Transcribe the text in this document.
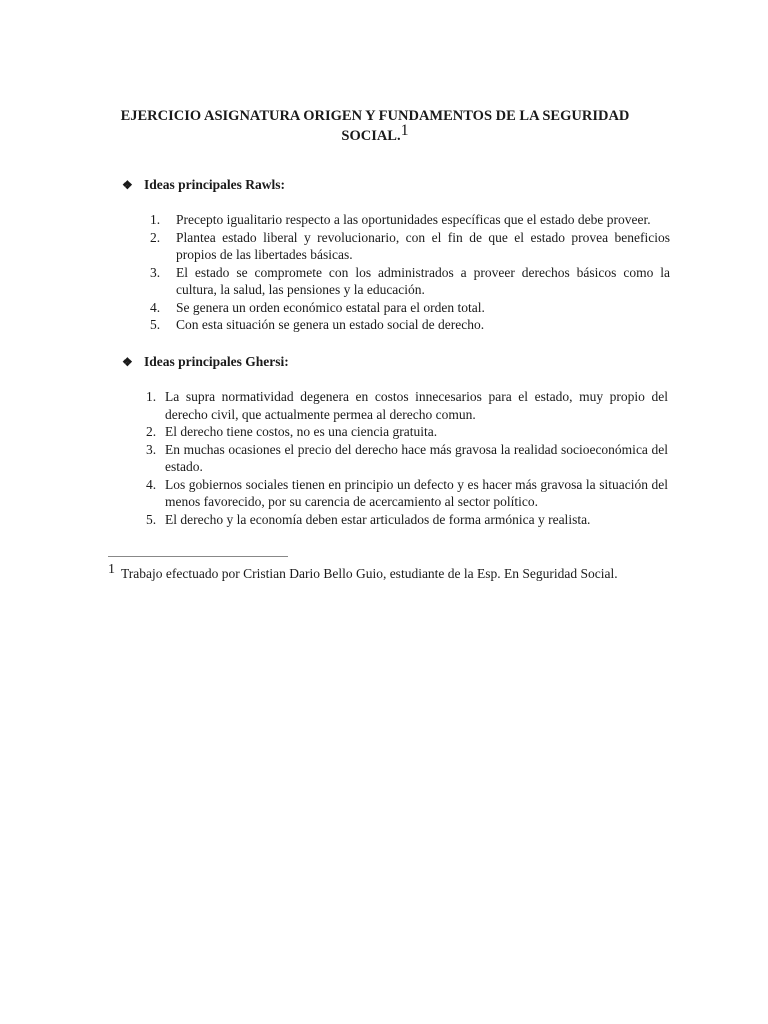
EJERCICIO ASIGNATURA ORIGEN Y FUNDAMENTOS DE LA SEGURIDAD
SOCIAL.1
❖ Ideas principales Rawls:
1.	Precepto igualitario respecto a las oportunidades específicas que el estado debe proveer.
2.	Plantea estado liberal y revolucionario, con el fin de que el estado provea beneficios propios de las libertades básicas.
3.	El estado se compromete con los administrados a proveer derechos básicos como la cultura, la salud, las pensiones y la educación.
4.	Se genera un orden económico estatal para el orden total.
5.	Con esta situación se genera un estado social de derecho.
❖ Ideas principales Ghersi:
1. La supra normatividad degenera en costos innecesarios para el estado, muy propio del derecho civil, que actualmente permea al derecho comun.
2. El derecho tiene costos, no es una ciencia gratuita.
3. En muchas ocasiones el precio del derecho hace más gravosa la realidad socioeconómica del estado.
4. Los gobiernos sociales tienen en principio un defecto y es hacer más gravosa la situación del menos favorecido, por su carencia de acercamiento al sector político.
5. El derecho y la economía deben estar articulados de forma armónica y realista.
1 Trabajo efectuado por Cristian Dario Bello Guio, estudiante de la Esp. En Seguridad Social.
